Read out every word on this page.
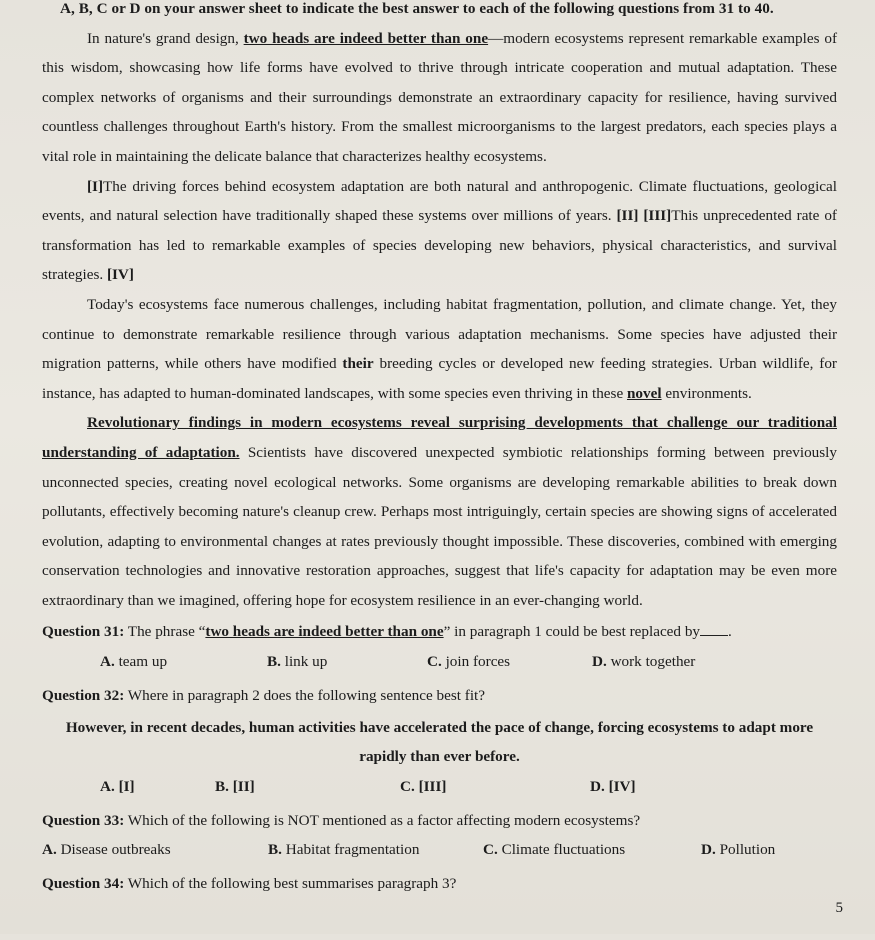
A, B, C or D on your answer sheet to indicate the best answer to each of the following questions from 31 to 40.

In nature's grand design, two heads are indeed better than one—modern ecosystems represent remarkable examples of this wisdom, showcasing how life forms have evolved to thrive through intricate cooperation and mutual adaptation. These complex networks of organisms and their surroundings demonstrate an extraordinary capacity for resilience, having survived countless challenges throughout Earth's history. From the smallest microorganisms to the largest predators, each species plays a vital role in maintaining the delicate balance that characterizes healthy ecosystems.

[I]The driving forces behind ecosystem adaptation are both natural and anthropogenic. Climate fluctuations, geological events, and natural selection have traditionally shaped these systems over millions of years. [II] [III]This unprecedented rate of transformation has led to remarkable examples of species developing new behaviors, physical characteristics, and survival strategies. [IV]

Today's ecosystems face numerous challenges, including habitat fragmentation, pollution, and climate change. Yet, they continue to demonstrate remarkable resilience through various adaptation mechanisms. Some species have adjusted their migration patterns, while others have modified their breeding cycles or developed new feeding strategies. Urban wildlife, for instance, has adapted to human-dominated landscapes, with some species even thriving in these novel environments.

Revolutionary findings in modern ecosystems reveal surprising developments that challenge our traditional understanding of adaptation. Scientists have discovered unexpected symbiotic relationships forming between previously unconnected species, creating novel ecological networks. Some organisms are developing remarkable abilities to break down pollutants, effectively becoming nature's cleanup crew. Perhaps most intriguingly, certain species are showing signs of accelerated evolution, adapting to environmental changes at rates previously thought impossible. These discoveries, combined with emerging conservation technologies and innovative restoration approaches, suggest that life's capacity for adaptation may be even more extraordinary than we imagined, offering hope for ecosystem resilience in an ever-changing world.

Question 31: The phrase “two heads are indeed better than one” in paragraph 1 could be best replaced by .

A. team up	B. link up	C. join forces	D. work together

Question 32: Where in paragraph 2 does the following sentence best fit?

However, in recent decades, human activities have accelerated the pace of change, forcing ecosystems to adapt more rapidly than ever before.

A. [I]	B. [II]	C. [III]	D. [IV]

Question 33: Which of the following is NOT mentioned as a factor affecting modern ecosystems?

A. Disease outbreaks	B. Habitat fragmentation	C. Climate fluctuations	D. Pollution

Question 34: Which of the following best summarises paragraph 3?

5
